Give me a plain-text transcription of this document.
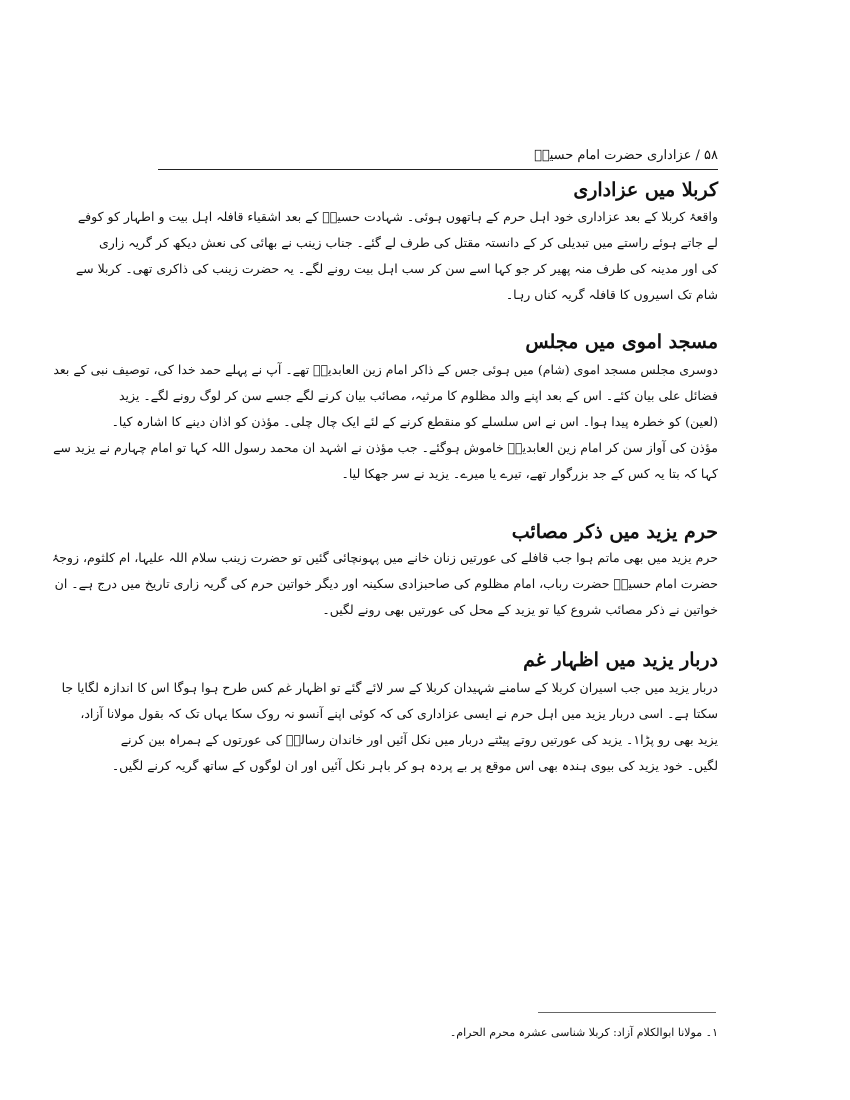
۵۸ / عزاداری حضرت امام حسینؑ
کربلا میں عزاداری
واقعۂ کربلا کے بعد عزاداری خود اہل حرم کے ہاتھوں ہوئی۔ شہادت حسینؑ کے بعد اشقیاء قافلہ اہل بیت و اطہار کو کوفے
لے جاتے ہوئے راستے میں تبدیلی کر کے دانستہ مقتل کی طرف لے گئے۔ جناب زینب نے بھائی کی نعش دیکھ کر گریہ زاری
کی اور مدینہ کی طرف منہ پھیر کر جو کہا اسے سن کر سب اہل بیت رونے لگے۔ یہ حضرت زینب کی ذاکری تھی۔ کربلا سے
شام تک اسیروں کا قافلہ گریہ کناں رہا۔
مسجد اموی میں مجلس
دوسری مجلس مسجد اموی (شام) میں ہوئی جس کے ذاکر امام زین العابدینؑ تھے۔ آپ نے پہلے حمد خدا کی، توصیف نبی کے بعد
فضائل علی بیان کئے۔ اس کے بعد اپنے والد مظلوم کا مرثیہ، مصائب بیان کرنے لگے جسے سن کر لوگ رونے لگے۔ یزید
(لعین) کو خطرہ پیدا ہوا۔ اس نے اس سلسلے کو منقطع کرنے کے لئے ایک چال چلی۔ مؤذن کو اذان دینے کا اشارہ کیا۔
مؤذن کی آواز سن کر امام زین العابدینؑ خاموش ہوگئے۔ جب مؤذن نے اشہد ان محمد رسول اللہ کہا تو امام چہارم نے یزید سے
کہا کہ بتا یہ کس کے جد بزرگوار تھے، تیرے یا میرے۔ یزید نے سر جھکا لیا۔
حرم یزید میں ذکر مصائب
حرم یزید میں بھی ماتم ہوا جب قافلے کی عورتیں زنان خانے میں پہونچائی گئیں تو حضرت زینب سلام اللہ علیہا، ام کلثوم، زوجۂ
حضرت امام حسینؑ حضرت رباب، امام مظلوم کی صاحبزادی سکینہ اور دیگر خواتین حرم کی گریہ زاری تاریخ میں درج ہے۔ ان
خواتین نے ذکر مصائب شروع کیا تو یزید کے محل کی عورتیں بھی رونے لگیں۔
دربار یزید میں اظہار غم
دربار یزید میں جب اسیران کربلا کے سامنے شہیدان کربلا کے سر لائے گئے تو اظہار غم کس طرح ہوا ہوگا اس کا اندازہ لگایا جا
سکتا ہے۔ اسی دربار یزید میں اہل حرم نے ایسی عزاداری کی کہ کوئی اپنے آنسو نہ روک سکا یہاں تک کہ بقول مولانا آزاد،
یزید بھی رو پڑا۱۔ یزید کی عورتیں روتے پیٹتے دربار میں نکل آئیں اور خاندان رسالتؐ کی عورتوں کے ہمراہ بین کرنے
لگیں۔ خود یزید کی بیوی ہندہ بھی اس موقع پر بے پردہ ہو کر باہر نکل آئیں اور ان لوگوں کے ساتھ گریہ کرنے لگیں۔
۱۔ مولانا ابوالکلام آزاد: کربلا شناسی عشرہ محرم الحرام۔
